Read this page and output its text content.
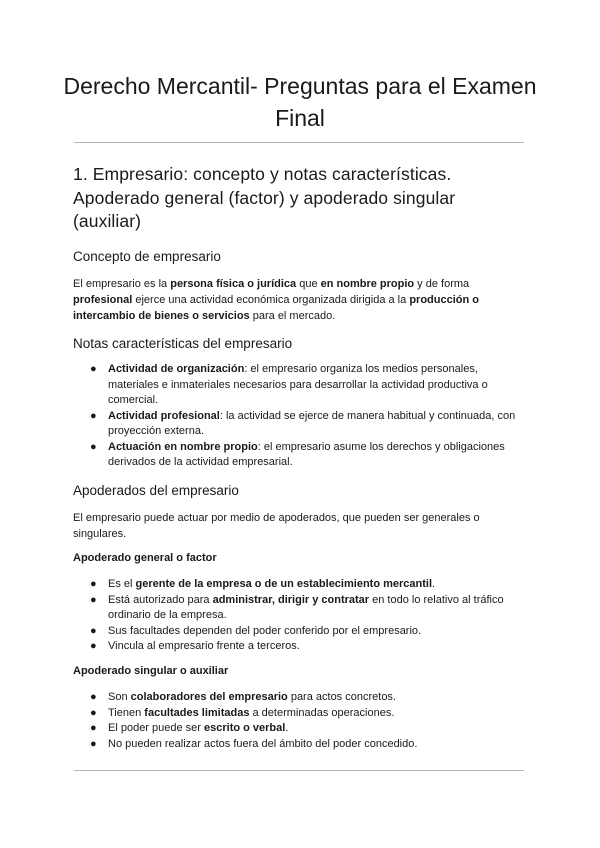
Derecho Mercantil- Preguntas para el Examen Final
1. Empresario: concepto y notas características. Apoderado general (factor) y apoderado singular (auxiliar)
Concepto de empresario

El empresario es la persona física o jurídica que en nombre propio y de forma profesional ejerce una actividad económica organizada dirigida a la producción o intercambio de bienes o servicios para el mercado.

Notas características del empresario
● Actividad de organización: el empresario organiza los medios personales, materiales e inmateriales necesarios para desarrollar la actividad productiva o comercial.
● Actividad profesional: la actividad se ejerce de manera habitual y continuada, con proyección externa.
● Actuación en nombre propio: el empresario asume los derechos y obligaciones derivados de la actividad empresarial.
Apoderados del empresario

El empresario puede actuar por medio de apoderados, que pueden ser generales o singulares.

Apoderado general o factor
● Es el gerente de la empresa o de un establecimiento mercantil.
● Está autorizado para administrar, dirigir y contratar en todo lo relativo al tráfico ordinario de la empresa.
● Sus facultades dependen del poder conferido por el empresario.
● Vincula al empresario frente a terceros.
Apoderado singular o auxiliar
● Son colaboradores del empresario para actos concretos.
● Tienen facultades limitadas a determinadas operaciones.
● El poder puede ser escrito o verbal.
● No pueden realizar actos fuera del ámbito del poder concedido.
